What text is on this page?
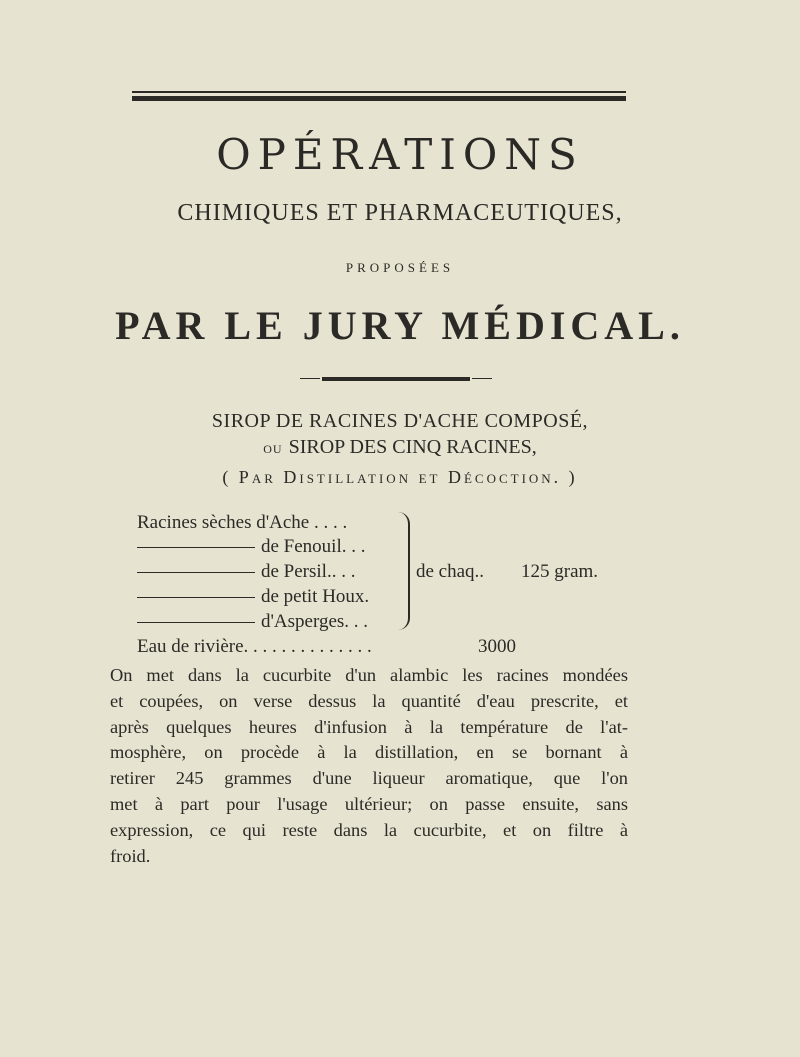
OPÉRATIONS
CHIMIQUES ET PHARMACEUTIQUES,
PROPOSÉES
PAR LE JURY MÉDICAL.
SIROP DE RACINES D'ACHE COMPOSÉ,
OU SIROP DES CINQ RACINES,
( Par Distillation et Décoction. )
Racines sèches d'Ache . . . .
de Fenouil. . .
de Persil.. . .
de petit Houx.
d'Asperges. . .
de chaq.. 125 gram.
Eau de rivière. . . . . . . . . . . . . .	3000
On met dans la cucurbite d'un alambic les racines mondées
et coupées, on verse dessus la quantité d'eau prescrite, et
après quelques heures d'infusion à la température de l'at-
mosphère, on procède à la distillation, en se bornant à
retirer 245 grammes d'une liqueur aromatique, que l'on
met à part pour l'usage ultérieur; on passe ensuite, sans
expression, ce qui reste dans la cucurbite, et on filtre à
froid.
